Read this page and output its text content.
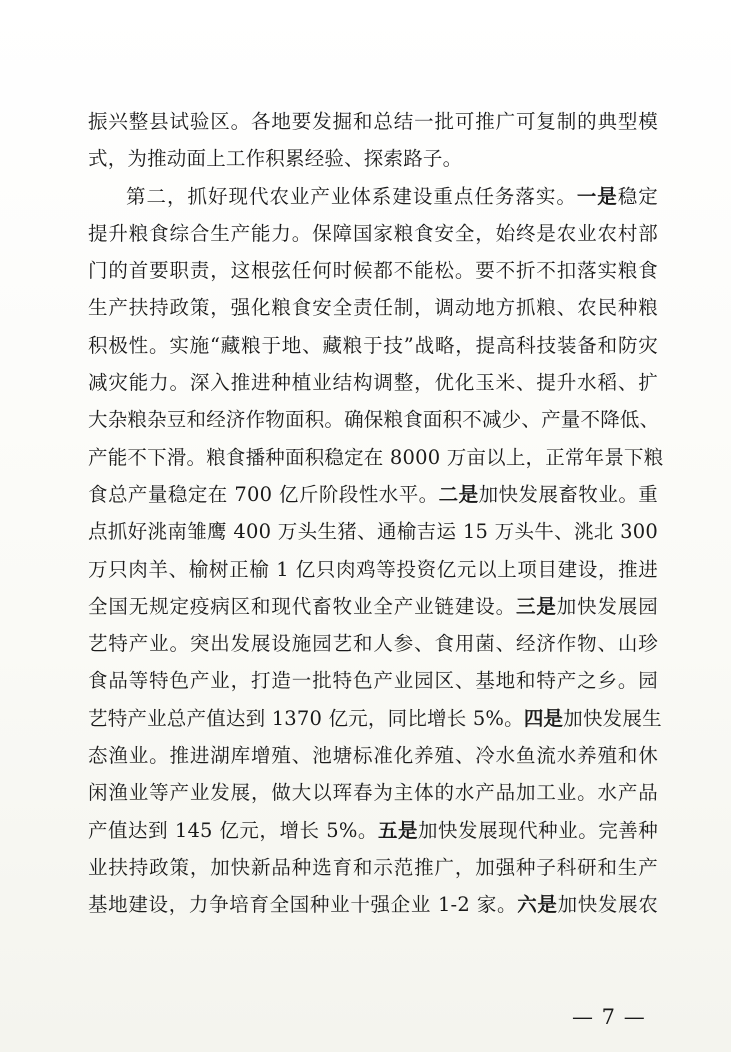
振兴整县试验区。各地要发掘和总结一批可推广可复制的典型模
式，为推动面上工作积累经验、探索路子。
第二，抓好现代农业产业体系建设重点任务落实。一是稳定
提升粮食综合生产能力。保障国家粮食安全，始终是农业农村部
门的首要职责，这根弦任何时候都不能松。要不折不扣落实粮食
生产扶持政策，强化粮食安全责任制，调动地方抓粮、农民种粮
积极性。实施“藏粮于地、藏粮于技”战略，提高科技装备和防灾
减灾能力。深入推进种植业结构调整，优化玉米、提升水稻、扩
大杂粮杂豆和经济作物面积。确保粮食面积不减少、产量不降低、
产能不下滑。粮食播种面积稳定在 8000 万亩以上，正常年景下粮
食总产量稳定在 700 亿斤阶段性水平。二是加快发展畜牧业。重
点抓好洮南雏鹰 400 万头生猪、通榆吉运 15 万头牛、洮北 300
万只肉羊、榆树正榆 1 亿只肉鸡等投资亿元以上项目建设，推进
全国无规定疫病区和现代畜牧业全产业链建设。三是加快发展园
艺特产业。突出发展设施园艺和人参、食用菌、经济作物、山珍
食品等特色产业，打造一批特色产业园区、基地和特产之乡。园
艺特产业总产值达到 1370 亿元，同比增长 5%。四是加快发展生
态渔业。推进湖库增殖、池塘标准化养殖、冷水鱼流水养殖和休
闲渔业等产业发展，做大以珲春为主体的水产品加工业。水产品
产值达到 145 亿元，增长 5%。五是加快发展现代种业。完善种
业扶持政策，加快新品种选育和示范推广，加强种子科研和生产
基地建设，力争培育全国种业十强企业 1-2 家。六是加快发展农
— 7 —
